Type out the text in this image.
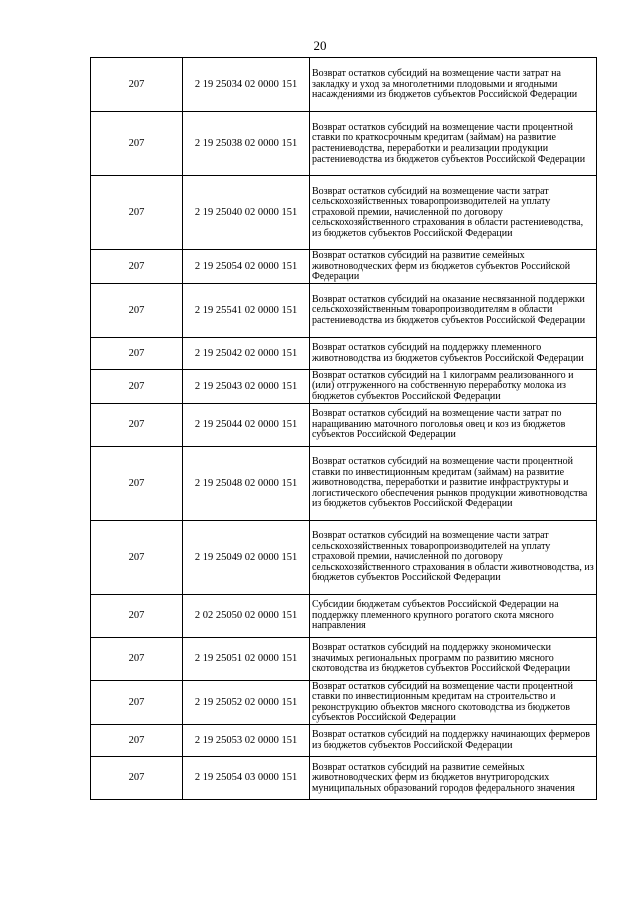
20
207	2 19 25034 02 0000 151	Возврат остатков субсидий на возмещение части затрат на закладку и уход за многолетними плодовыми и ягодными насаждениями из бюджетов субъектов Российской Федерации
207	2 19 25038 02 0000 151	Возврат остатков субсидий на возмещение части процентной ставки по краткосрочным кредитам (займам) на развитие растениеводства, переработки и реализации продукции растениеводства из бюджетов субъектов Российской Федерации
207	2 19 25040 02 0000 151	Возврат остатков субсидий на возмещение части затрат сельскохозяйственных товаропроизводителей на уплату страховой премии, начисленной по договору сельскохозяйственного страхования в области растениеводства, из бюджетов субъектов Российской Федерации
207	2 19 25054 02 0000 151	Возврат остатков субсидий на развитие семейных животноводческих ферм из бюджетов субъектов Российской Федерации
207	2 19 25541 02 0000 151	Возврат остатков субсидий на оказание несвязанной поддержки сельскохозяйственным товаропроизводителям в области растениеводства из бюджетов субъектов Российской Федерации
207	2 19 25042 02 0000 151	Возврат остатков субсидий на поддержку племенного животноводства из бюджетов субъектов Российской Федерации
207	2 19 25043 02 0000 151	Возврат остатков субсидий на 1 килограмм реализованного и (или) отгруженного на собственную переработку молока из бюджетов субъектов Российской Федерации
207	2 19 25044 02 0000 151	Возврат остатков субсидий на возмещение части затрат по наращиванию маточного поголовья овец и коз из бюджетов субъектов Российской Федерации
207	2 19 25048 02 0000 151	Возврат остатков субсидий на возмещение части процентной ставки по инвестиционным кредитам (займам) на развитие животноводства, переработки и развитие инфраструктуры и логистического обеспечения рынков продукции животноводства из бюджетов субъектов Российской Федерации
207	2 19 25049 02 0000 151	Возврат остатков субсидий на возмещение части затрат сельскохозяйственных товаропроизводителей на уплату страховой премии, начисленной по договору сельскохозяйственного страхования в области животноводства, из бюджетов субъектов Российской Федерации
207	2 02 25050 02 0000 151	Субсидии бюджетам субъектов Российской Федерации на поддержку племенного крупного рогатого скота мясного направления
207	2 19 25051 02 0000 151	Возврат остатков субсидий на поддержку экономически значимых региональных программ по развитию мясного скотоводства из бюджетов субъектов Российской Федерации
207	2 19 25052 02 0000 151	Возврат остатков субсидий на возмещение части процентной ставки по инвестиционным кредитам на строительство и реконструкцию объектов мясного скотоводства из бюджетов субъектов Российской Федерации
207	2 19 25053 02 0000 151	Возврат остатков субсидий на поддержку начинающих фермеров из бюджетов субъектов Российской Федерации
207	2 19 25054 03 0000 151	Возврат остатков субсидий на развитие семейных животноводческих ферм из бюджетов внутригородских муниципальных образований городов федерального значения
